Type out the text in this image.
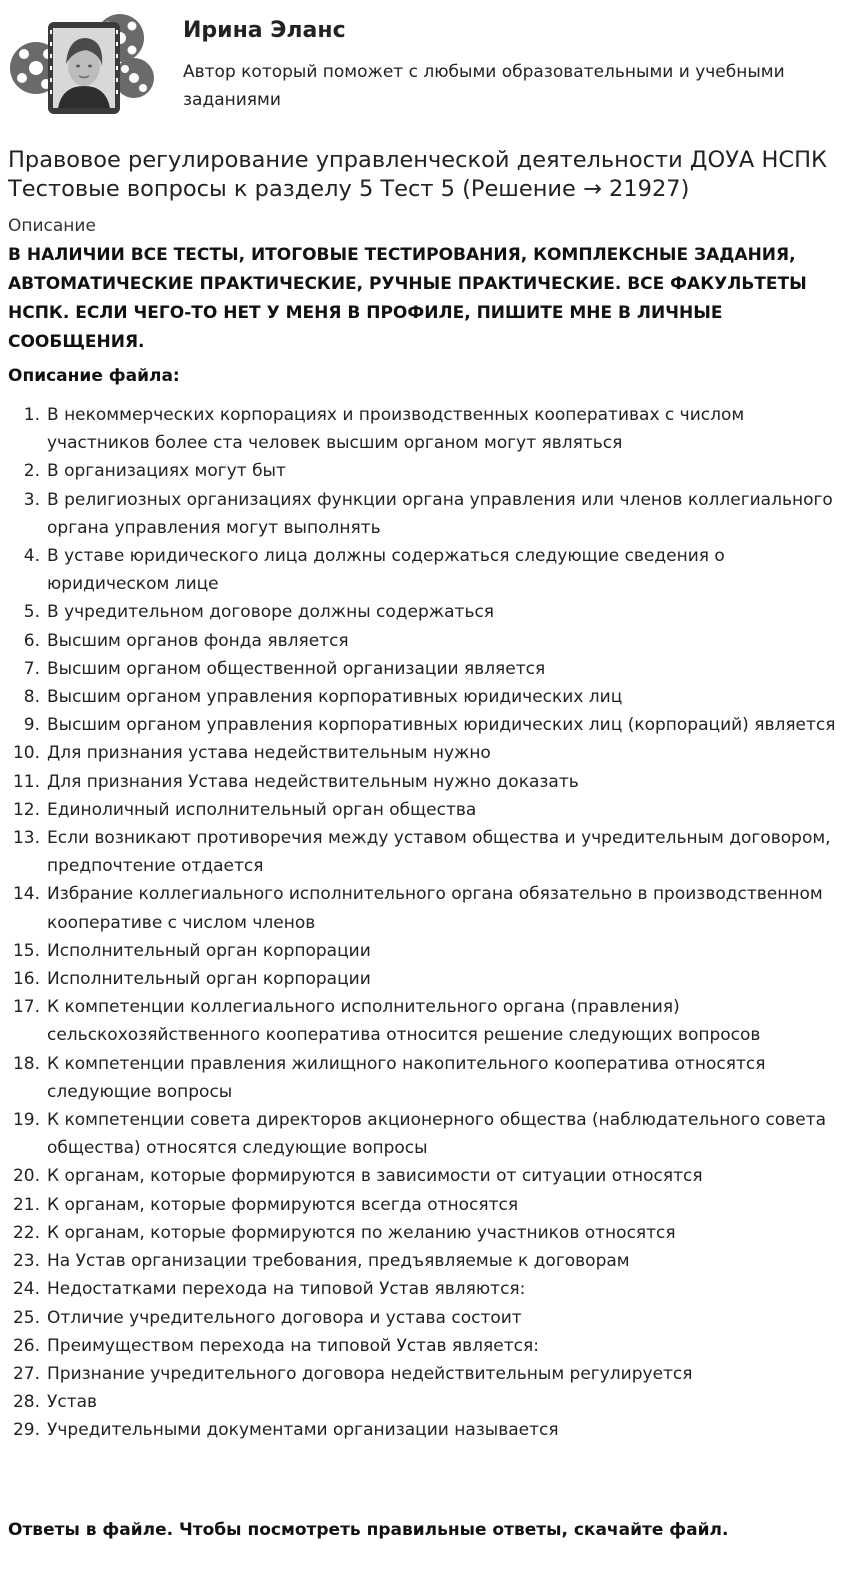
Ирина Эланс
Автор который поможет с любыми образовательными и учебными заданиями
Правовое регулирование управленческой деятельности ДОУА НСПК Тестовые вопросы к разделу 5 Тест 5 (Решение → 21927)
Описание
В НАЛИЧИИ ВСЕ ТЕСТЫ, ИТОГОВЫЕ ТЕСТИРОВАНИЯ, КОМПЛЕКСНЫЕ ЗАДАНИЯ, АВТОМАТИЧЕСКИЕ ПРАКТИЧЕСКИЕ, РУЧНЫЕ ПРАКТИЧЕСКИЕ. ВСЕ ФАКУЛЬТЕТЫ НСПК. ЕСЛИ ЧЕГО-ТО НЕТ У МЕНЯ В ПРОФИЛЕ, ПИШИТЕ МНЕ В ЛИЧНЫЕ СООБЩЕНИЯ.
Описание файла:
1. В некоммерческих корпорациях и производственных кооперативах с числом участников более ста человек высшим органом могут являться
2. В организациях могут быт
3. В религиозных организациях функции органа управления или членов коллегиального органа управления могут выполнять
4. В уставе юридического лица должны содержаться следующие сведения о юридическом лице
5. В учредительном договоре должны содержаться
6. Высшим органов фонда является
7. Высшим органом общественной организации является
8. Высшим органом управления корпоративных юридических лиц
9. Высшим органом управления корпоративных юридических лиц (корпораций) является
10. Для признания устава недействительным нужно
11. Для признания Устава недействительным нужно доказать
12. Единоличный исполнительный орган общества
13. Если возникают противоречия между уставом общества и учредительным договором, предпочтение отдается
14. Избрание коллегиального исполнительного органа обязательно в производственном кооперативе с числом членов
15. Исполнительный орган корпорации
16. Исполнительный орган корпорации
17. К компетенции коллегиального исполнительного органа (правления) сельскохозяйственного кооператива относится решение следующих вопросов
18. К компетенции правления жилищного накопительного кооператива относятся следующие вопросы
19. К компетенции совета директоров акционерного общества (наблюдательного совета общества) относятся следующие вопросы
20. К органам, которые формируются в зависимости от ситуации относятся
21. К органам, которые формируются всегда относятся
22. К органам, которые формируются по желанию участников относятся
23. На Устав организации требования, предъявляемые к договорам
24. Недостатками перехода на типовой Устав являются:
25. Отличие учредительного договора и устава состоит
26. Преимуществом перехода на типовой Устав является:
27. Признание учредительного договора недействительным регулируется
28. Устав
29. Учредительными документами организации называется
Ответы в файле. Чтобы посмотреть правильные ответы, скачайте файл.
